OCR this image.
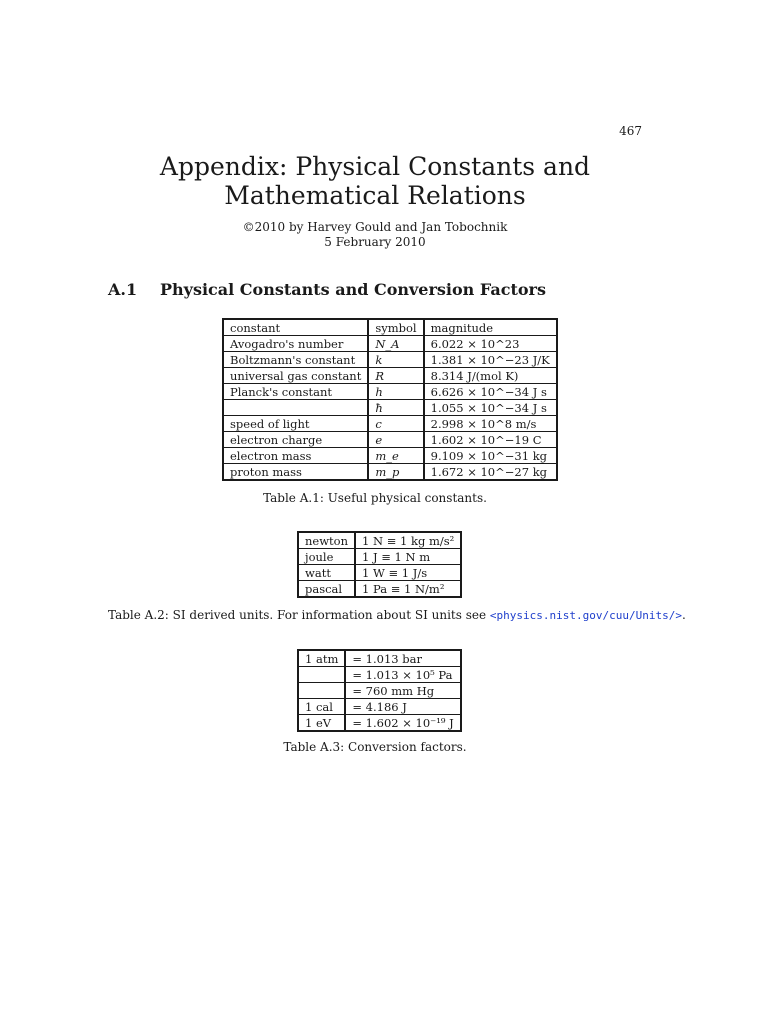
467
Appendix: Physical Constants and
Mathematical Relations
©2010 by Harvey Gould and Jan Tobochnik
5 February 2010
A.1 Physical Constants and Conversion Factors
constant	symbol	magnitude
Avogadro's number	N_A	6.022 × 10^23
Boltzmann's constant	k	1.381 × 10^−23 J/K
universal gas constant	R	8.314 J/(mol K)
Planck's constant	h	6.626 × 10^−34 J s
	ħ	1.055 × 10^−34 J s
speed of light	c	2.998 × 10^8 m/s
electron charge	e	1.602 × 10^−19 C
electron mass	m_e	9.109 × 10^−31 kg
proton mass	m_p	1.672 × 10^−27 kg
Table A.1: Useful physical constants.
newton	1 N ≡ 1 kg m/s²
joule	1 J ≡ 1 N m
watt	1 W ≡ 1 J/s
pascal	1 Pa ≡ 1 N/m²
Table A.2: SI derived units. For information about SI units see <physics.nist.gov/cuu/Units/>.
1 atm	= 1.013 bar
	= 1.013 × 10⁵ Pa
	= 760 mm Hg
1 cal	= 4.186 J
1 eV	= 1.602 × 10⁻¹⁹ J
Table A.3: Conversion factors.
